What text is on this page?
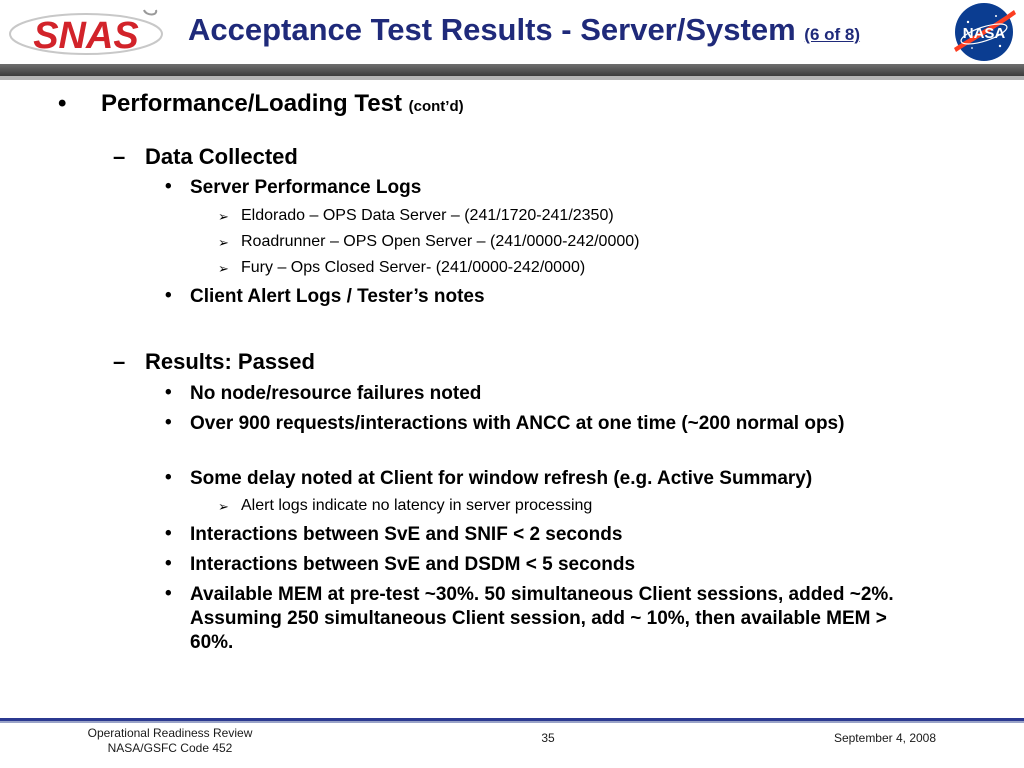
SNAS Acceptance Test Results - Server/System (6 of 8)	NASA
• Performance/Loading Test (cont’d)
– Data Collected
• Server Performance Logs
➢ Eldorado – OPS Data Server – (241/1720-241/2350)
➢ Roadrunner – OPS Open Server – (241/0000-242/0000)
➢ Fury – Ops Closed Server- (241/0000-242/0000)
• Client Alert Logs / Tester’s notes
– Results: Passed
• No node/resource failures noted
• Over 900 requests/interactions with ANCC at one time (~200 normal ops)
• Some delay noted at Client for window refresh (e.g. Active Summary)
➢ Alert logs indicate no latency in server processing
• Interactions between SvE and SNIF < 2 seconds
• Interactions between SvE and DSDM < 5 seconds
• Available MEM at pre-test ~30%. 50 simultaneous Client sessions, added ~2%. Assuming 250 simultaneous Client session, add ~ 10%, then available MEM > 60%.
Operational Readiness Review
NASA/GSFC Code 452
35	September 4, 2008
